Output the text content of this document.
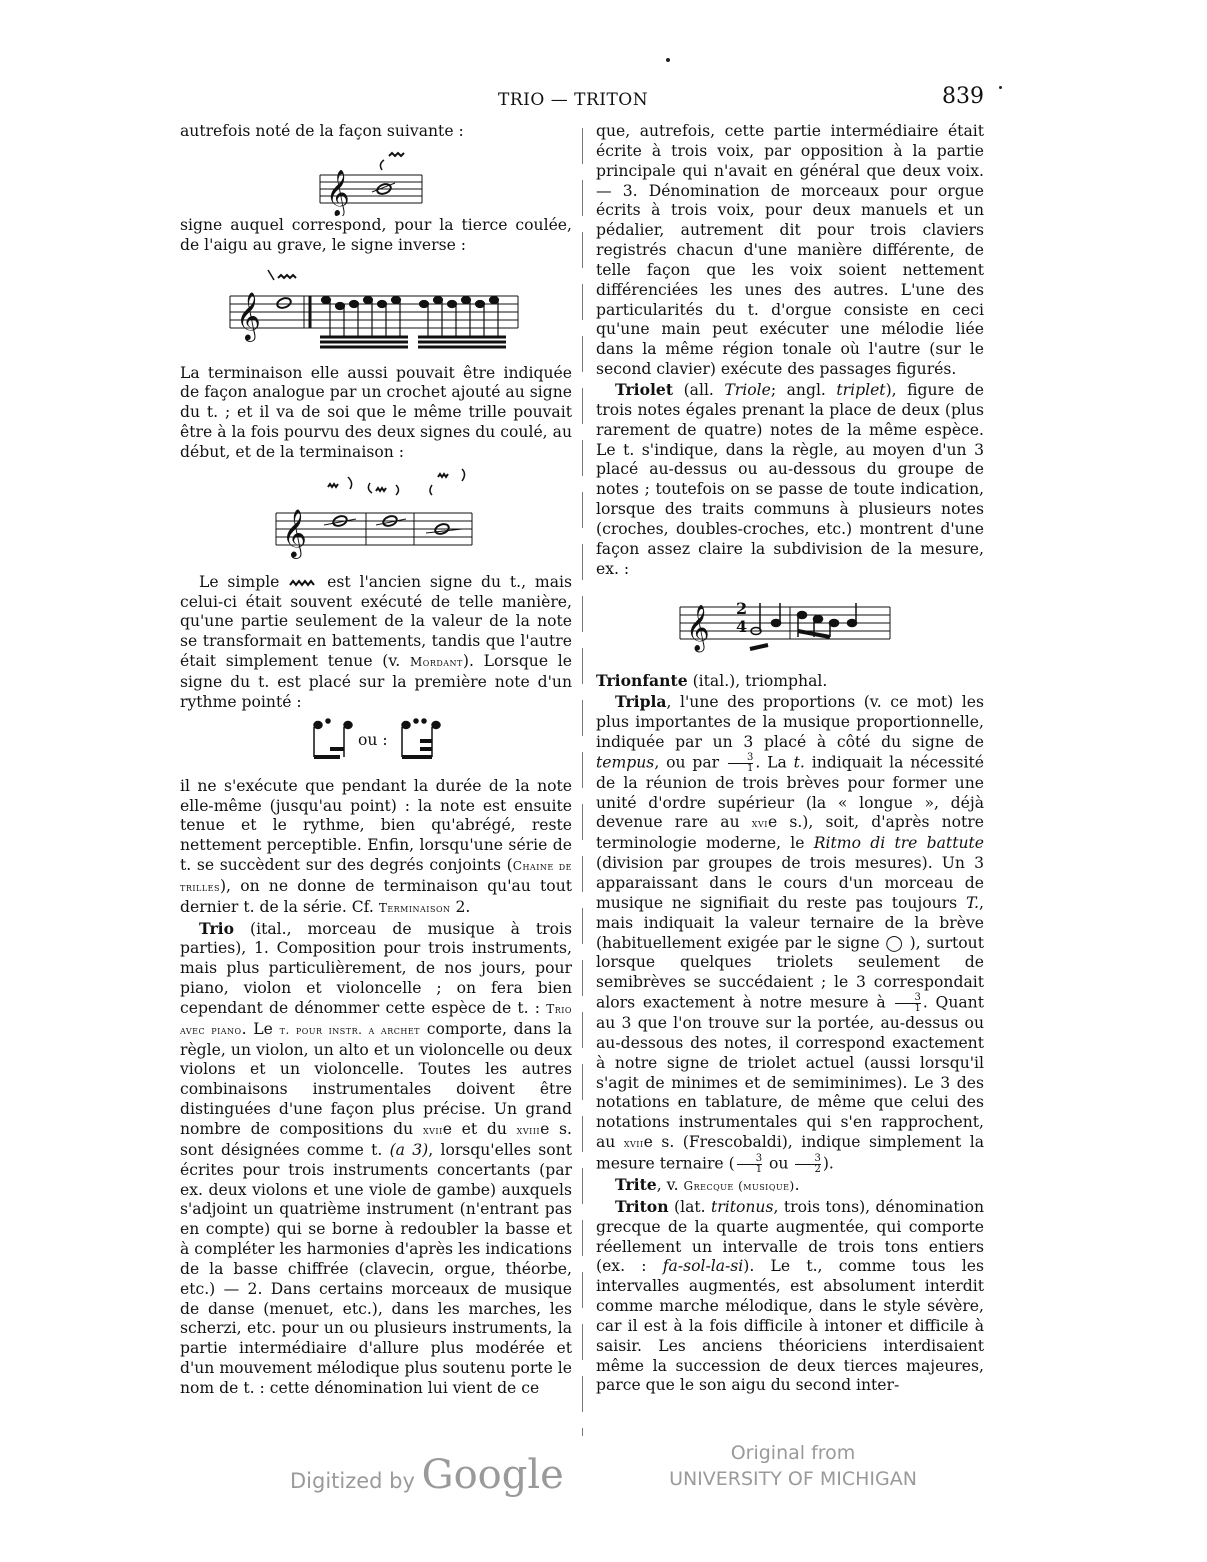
TRIO — TRITON	839

autrefois noté de la façon suivante :

𝄞

signe auquel correspond, pour la tierce coulée, de l'aigu au grave, le signe inverse :

𝄞

La terminaison elle aussi pouvait être indiquée de façon analogue par un crochet ajouté au signe du t. ; et il va de soi que le même trille pouvait être à la fois pourvu des deux signes du coulé, au début, et de la terminaison :

𝄞

Le simple	est l'ancien signe du t., mais celui-ci était souvent exécuté de telle manière, qu'une partie seulement de la valeur de la note se transformait en battements, tandis que l'autre était simplement tenue (v. Mordant). Lorsque le signe du t. est placé sur la première note d'un rythme pointé :

ou :

il ne s'exécute que pendant la durée de la note elle-même (jusqu'au point) : la note est ensuite tenue et le rythme, bien qu'abrégé, reste nettement perceptible. Enfin, lorsqu'une série de t. se succèdent sur des degrés conjoints (Chaine de trilles), on ne donne de terminaison qu'au tout dernier t. de la série. Cf. Terminaison 2.

Trio (ital., morceau de musique à trois parties), 1. Composition pour trois instruments, mais plus particulièrement, de nos jours, pour piano, violon et violoncelle ; on fera bien cependant de dénommer cette espèce de t. : Trio avec piano. Le t. pour instr. a archet comporte, dans la règle, un violon, un alto et un violoncelle ou deux violons et un violoncelle. Toutes les autres combinaisons instrumentales doivent être distinguées d'une façon plus précise. Un grand nombre de compositions du xviie et du xviiie s. sont désignées comme t. (a 3), lorsqu'elles sont écrites pour trois instruments concertants (par ex. deux violons et une viole de gambe) auxquels s'adjoint un quatrième instrument (n'entrant pas en compte) qui se borne à redoubler la basse et à compléter les harmonies d'après les indications de la basse chiffrée (clavecin, orgue, théorbe, etc.) — 2. Dans certains morceaux de musique de danse (menuet, etc.), dans les marches, les scherzi, etc. pour un ou plusieurs instruments, la partie intermédiaire d'allure plus modérée et d'un mouvement mélodique plus soutenu porte le nom de t. : cette dénomination lui vient de ce

que, autrefois, cette partie intermédiaire était écrite à trois voix, par opposition à la partie principale qui n'avait en général que deux voix. — 3. Dénomination de morceaux pour orgue écrits à trois voix, pour deux manuels et un pédalier, autrement dit pour trois claviers registrés chacun d'une manière différente, de telle façon que les voix soient nettement différenciées les unes des autres. L'une des particularités du t. d'orgue consiste en ceci qu'une main peut exécuter une mélodie liée dans la même région tonale où l'autre (sur le second clavier) exécute des passages figurés.

Triolet (all. Triole; angl. triplet), figure de trois notes égales prenant la place de deux (plus rarement de quatre) notes de la même espèce. Le t. s'indique, dans la règle, au moyen d'un 3 placé au-dessus ou au-dessous du groupe de notes ; toutefois on se passe de toute indication, lorsque des traits communs à plusieurs notes (croches, doubles-croches, etc.) montrent d'une façon assez claire la subdivision de la mesure, ex. :

𝄞 2
4

Trionfante (ital.), triomphal.

Tripla, l'une des proportions (v. ce mot) les plus importantes de la musique proportionnelle, indiquée par un 3 placé à côté du signe de tempus, ou par $\frac{3}{1}$ . La t. indiquait la nécessité de la réunion de trois brèves pour former une unité d'ordre supérieur (la « longue », déjà devenue rare au xvie s.), soit, d'après notre terminologie moderne, le Ritmo di tre battute (division par groupes de trois mesures). Un 3 apparaissant dans le cours d'un morceau de musique ne signifiait du reste pas toujours T., mais indiquait la valeur ternaire de la brève (habituellement exigée par le signe ◯ ), surtout lorsque quelques triolets seulement de semibrèves se succédaient ; le 3 correspondait alors exactement à notre mesure à $\frac{3}{1}$ . Quant au 3 que l'on trouve sur la portée, au-dessus ou au-dessous des notes, il correspond exactement à notre signe de triolet actuel (aussi lorsqu'il s'agit de minimes et de semiminimes). Le 3 des notations en tablature, de même que celui des notations instrumentales qui s'en rapprochent, au xviie s. (Frescobaldi), indique simplement la mesure ternaire ( $\frac{3}{1}$ ou $\frac{3}{2}$ ).

Trite, v. Grecque (musique).

Triton (lat. tritonus, trois tons), dénomination grecque de la quarte augmentée, qui comporte réellement un intervalle de trois tons entiers (ex. : fa-sol-la-si). Le t., comme tous les intervalles augmentés, est absolument interdit comme marche mélodique, dans le style sévère, car il est à la fois difficile à intoner et difficile à saisir. Les anciens théoriciens interdisaient même la succession de deux tierces majeures, parce que le son aigu du second inter-

Digitized by Google	Original from
UNIVERSITY OF MICHIGAN
